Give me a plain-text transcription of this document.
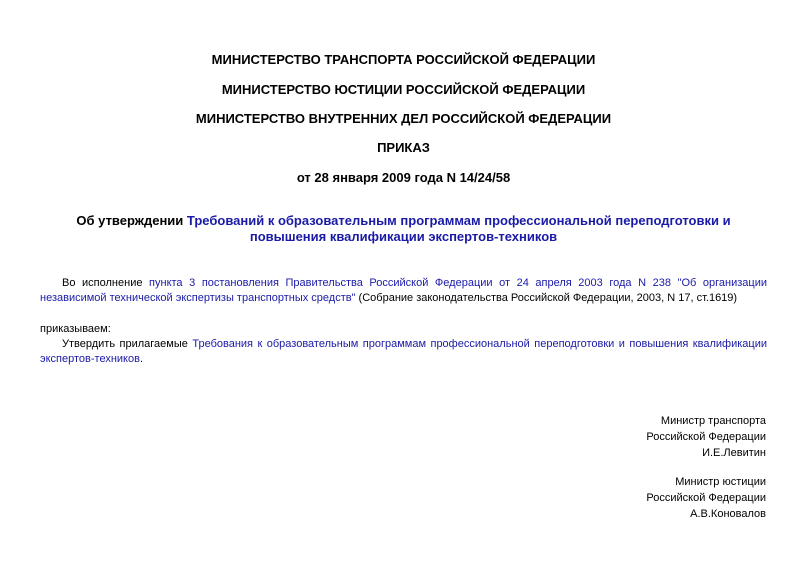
МИНИСТЕРСТВО ТРАНСПОРТА РОССИЙСКОЙ ФЕДЕРАЦИИ
МИНИСТЕРСТВО ЮСТИЦИИ РОССИЙСКОЙ ФЕДЕРАЦИИ
МИНИСТЕРСТВО ВНУТРЕННИХ ДЕЛ РОССИЙСКОЙ ФЕДЕРАЦИИ
ПРИКАЗ
от 28 января 2009 года N 14/24/58
Об утверждении Требований к образовательным программам профессиональной переподготовки и повышения квалификации экспертов-техников
Во исполнение пункта 3 постановления Правительства Российской Федерации от 24 апреля 2003 года N 238 "Об организации независимой технической экспертизы транспортных средств" (Собрание законодательства Российской Федерации, 2003, N 17, ст.1619)
приказываем:
Утвердить прилагаемые Требования к образовательным программам профессиональной переподготовки и повышения квалификации экспертов-техников.
Министр транспорта
Российской Федерации
И.Е.Левитин
Министр юстиции
Российской Федерации
А.В.Коновалов
